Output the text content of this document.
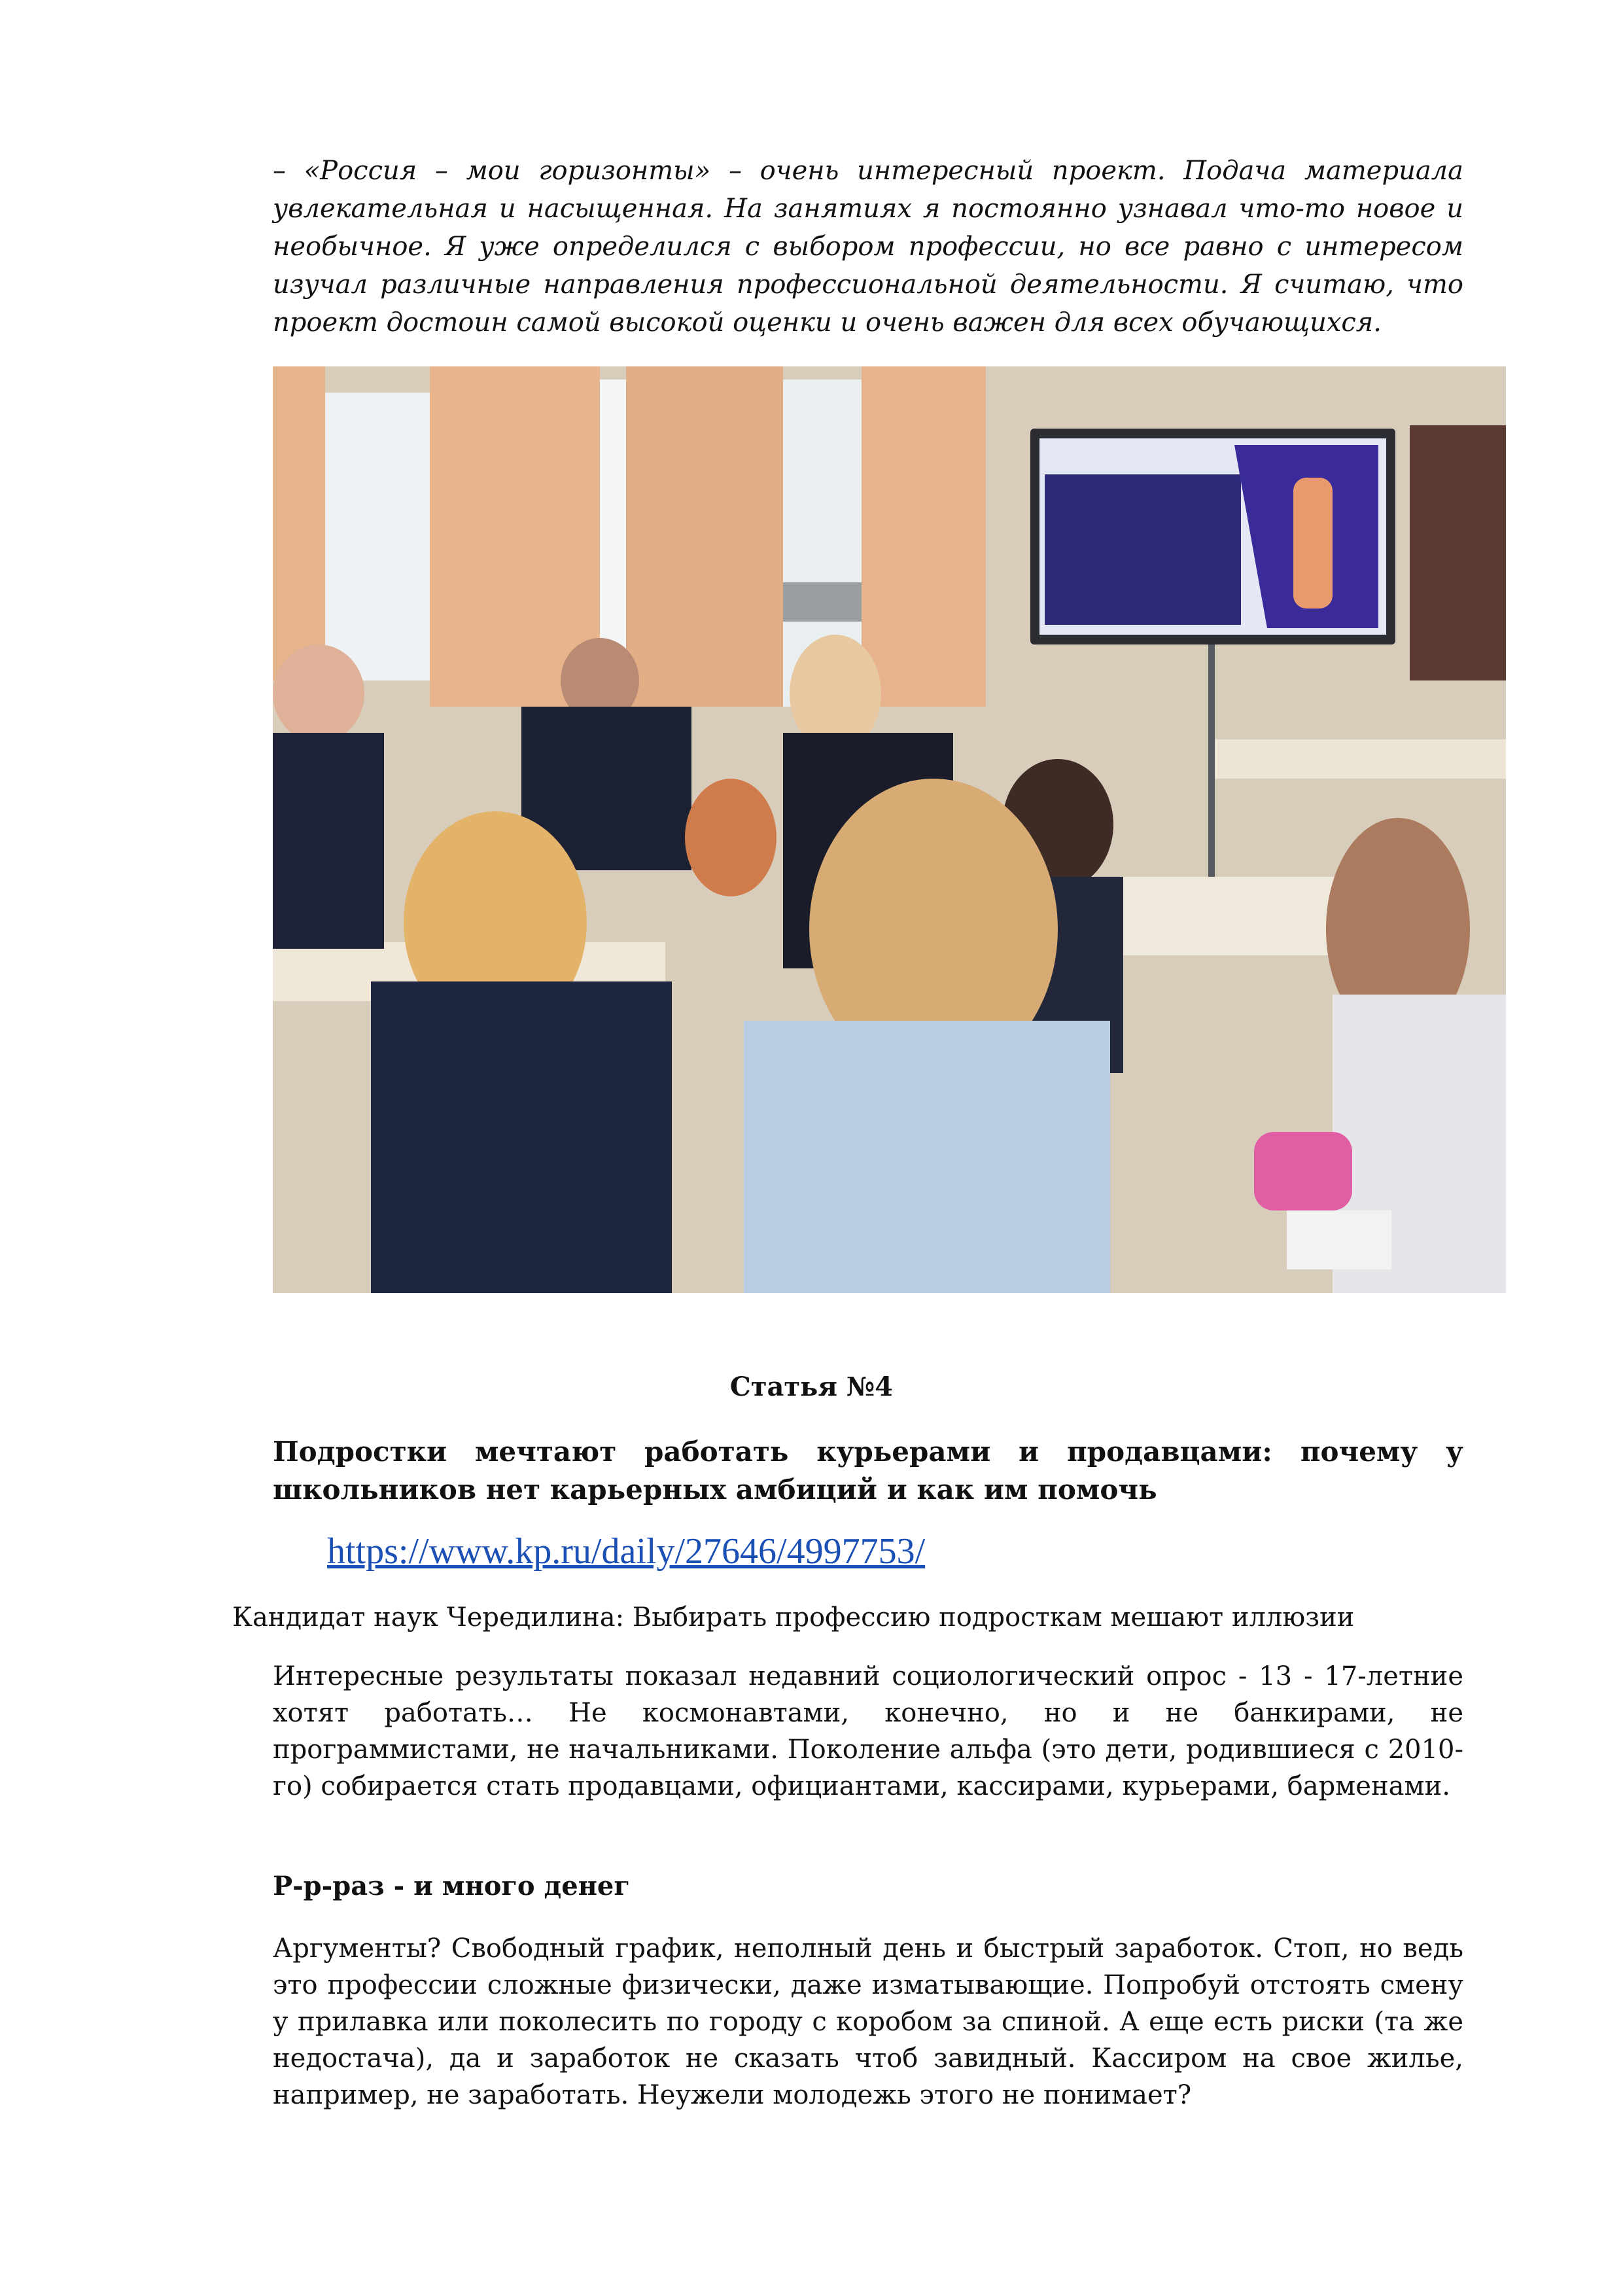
– «Россия – мои горизонты» – очень интересный проект. Подача материала увлекательная и насыщенная. На занятиях я постоянно узнавал что-то новое и необычное. Я уже определился с выбором профессии, но все равно с интересом изучал различные направления профессиональной деятельности. Я считаю, что проект достоин самой высокой оценки и очень важен для всех обучающихся.
Статья №4
Подростки мечтают работать курьерами и продавцами: почему у школьников нет карьерных амбиций и как им помочь
https://www.kp.ru/daily/27646/4997753/
Кандидат наук Чередилина: Выбирать профессию подросткам мешают иллюзии
Интересные результаты показал недавний социологический опрос - 13 - 17-летние хотят работать… Не космонавтами, конечно, но и не банкирами, не программистами, не начальниками. Поколение альфа (это дети, родившиеся с 2010-го) собирается стать продавцами, официантами, кассирами, курьерами, барменами.
Р-р-раз - и много денег
Аргументы? Свободный график, неполный день и быстрый заработок. Стоп, но ведь это профессии сложные физически, даже изматывающие. Попробуй отстоять смену у прилавка или поколесить по городу с коробом за спиной. А еще есть риски (та же недостача), да и заработок не сказать чтоб завидный. Кассиром на свое жилье, например, не заработать. Неужели молодежь этого не понимает?
